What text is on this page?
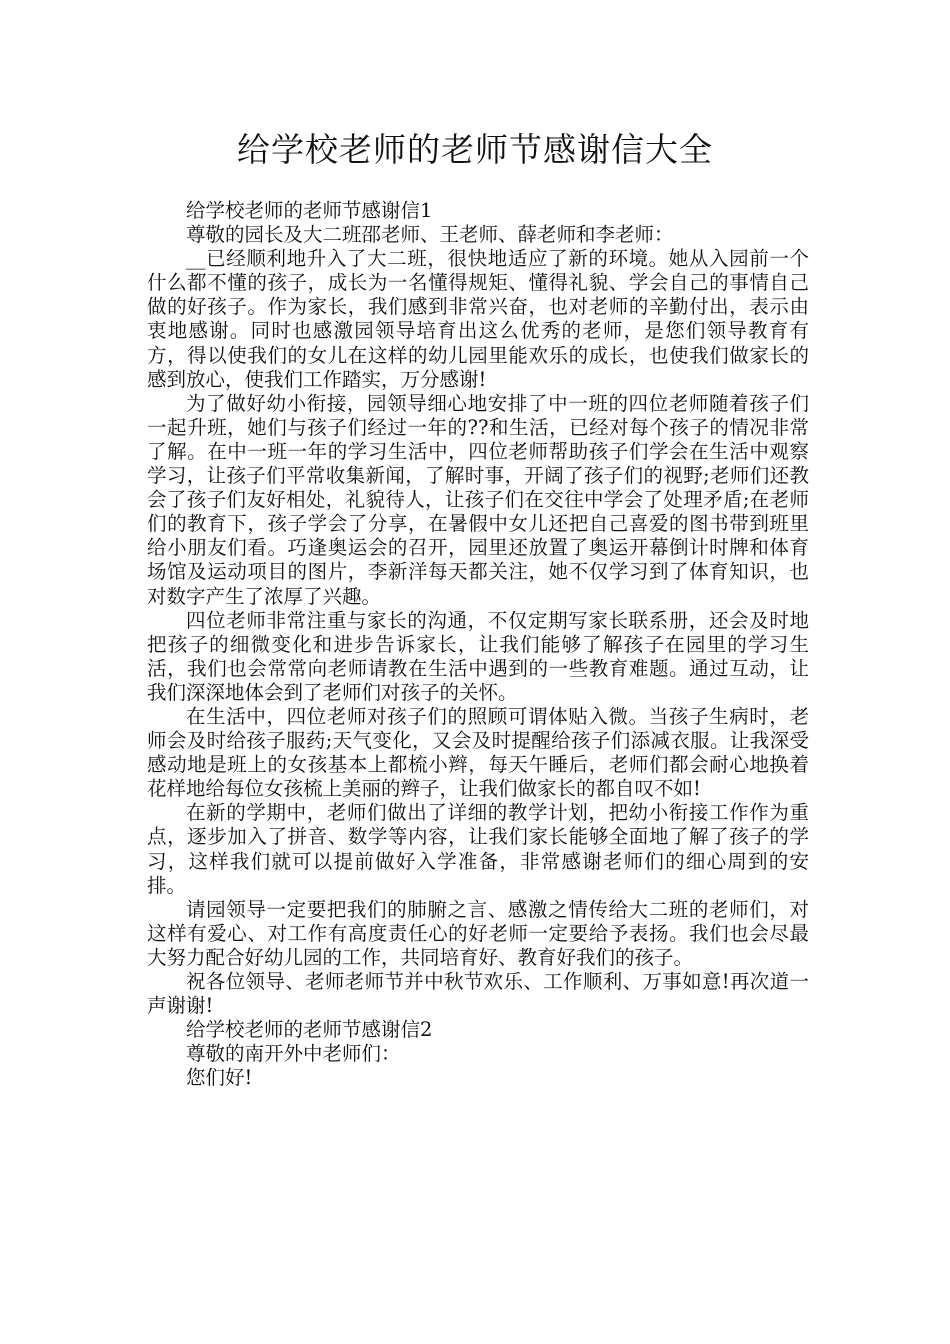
给学校老师的老师节感谢信大全

给学校老师的老师节感谢信1

尊敬的园长及大二班邵老师、王老师、薛老师和李老师：

__已经顺利地升入了大二班，很快地适应了新的环境。她从入园前一个什么都不懂的孩子，成长为一名懂得规矩、懂得礼貌、学会自己的事情自己做的好孩子。作为家长，我们感到非常兴奋，也对老师的辛勤付出，表示由衷地感谢。同时也感激园领导培育出这么优秀的老师，是您们领导教育有方，得以使我们的女儿在这样的幼儿园里能欢乐的成长，也使我们做家长的感到放心，使我们工作踏实，万分感谢!

为了做好幼小衔接，园领导细心地安排了中一班的四位老师随着孩子们一起升班，她们与孩子们经过一年的??和生活，已经对每个孩子的情况非常了解。在中一班一年的学习生活中，四位老师帮助孩子们学会在生活中观察学习，让孩子们平常收集新闻，了解时事，开阔了孩子们的视野;老师们还教会了孩子们友好相处，礼貌待人，让孩子们在交往中学会了处理矛盾;在老师们的教育下，孩子学会了分享，在暑假中女儿还把自己喜爱的图书带到班里给小朋友们看。巧逢奥运会的召开，园里还放置了奥运开幕倒计时牌和体育场馆及运动项目的图片，李新洋每天都关注，她不仅学习到了体育知识，也对数字产生了浓厚了兴趣。

四位老师非常注重与家长的沟通，不仅定期写家长联系册，还会及时地把孩子的细微变化和进步告诉家长，让我们能够了解孩子在园里的学习生活，我们也会常常向老师请教在生活中遇到的一些教育难题。通过互动，让我们深深地体会到了老师们对孩子的关怀。

在生活中，四位老师对孩子们的照顾可谓体贴入微。当孩子生病时，老师会及时给孩子服药;天气变化，又会及时提醒给孩子们添减衣服。让我深受感动地是班上的女孩基本上都梳小辫，每天午睡后，老师们都会耐心地换着花样地给每位女孩梳上美丽的辫子，让我们做家长的都自叹不如!

在新的学期中，老师们做出了详细的教学计划，把幼小衔接工作作为重点，逐步加入了拼音、数学等内容，让我们家长能够全面地了解了孩子的学习，这样我们就可以提前做好入学准备，非常感谢老师们的细心周到的安排。

请园领导一定要把我们的肺腑之言、感激之情传给大二班的老师们，对这样有爱心、对工作有高度责任心的好老师一定要给予表扬。我们也会尽最大努力配合好幼儿园的工作，共同培育好、教育好我们的孩子。

祝各位领导、老师老师节并中秋节欢乐、工作顺利、万事如意!再次道一声谢谢!

给学校老师的老师节感谢信2

尊敬的南开外中老师们：

您们好!
